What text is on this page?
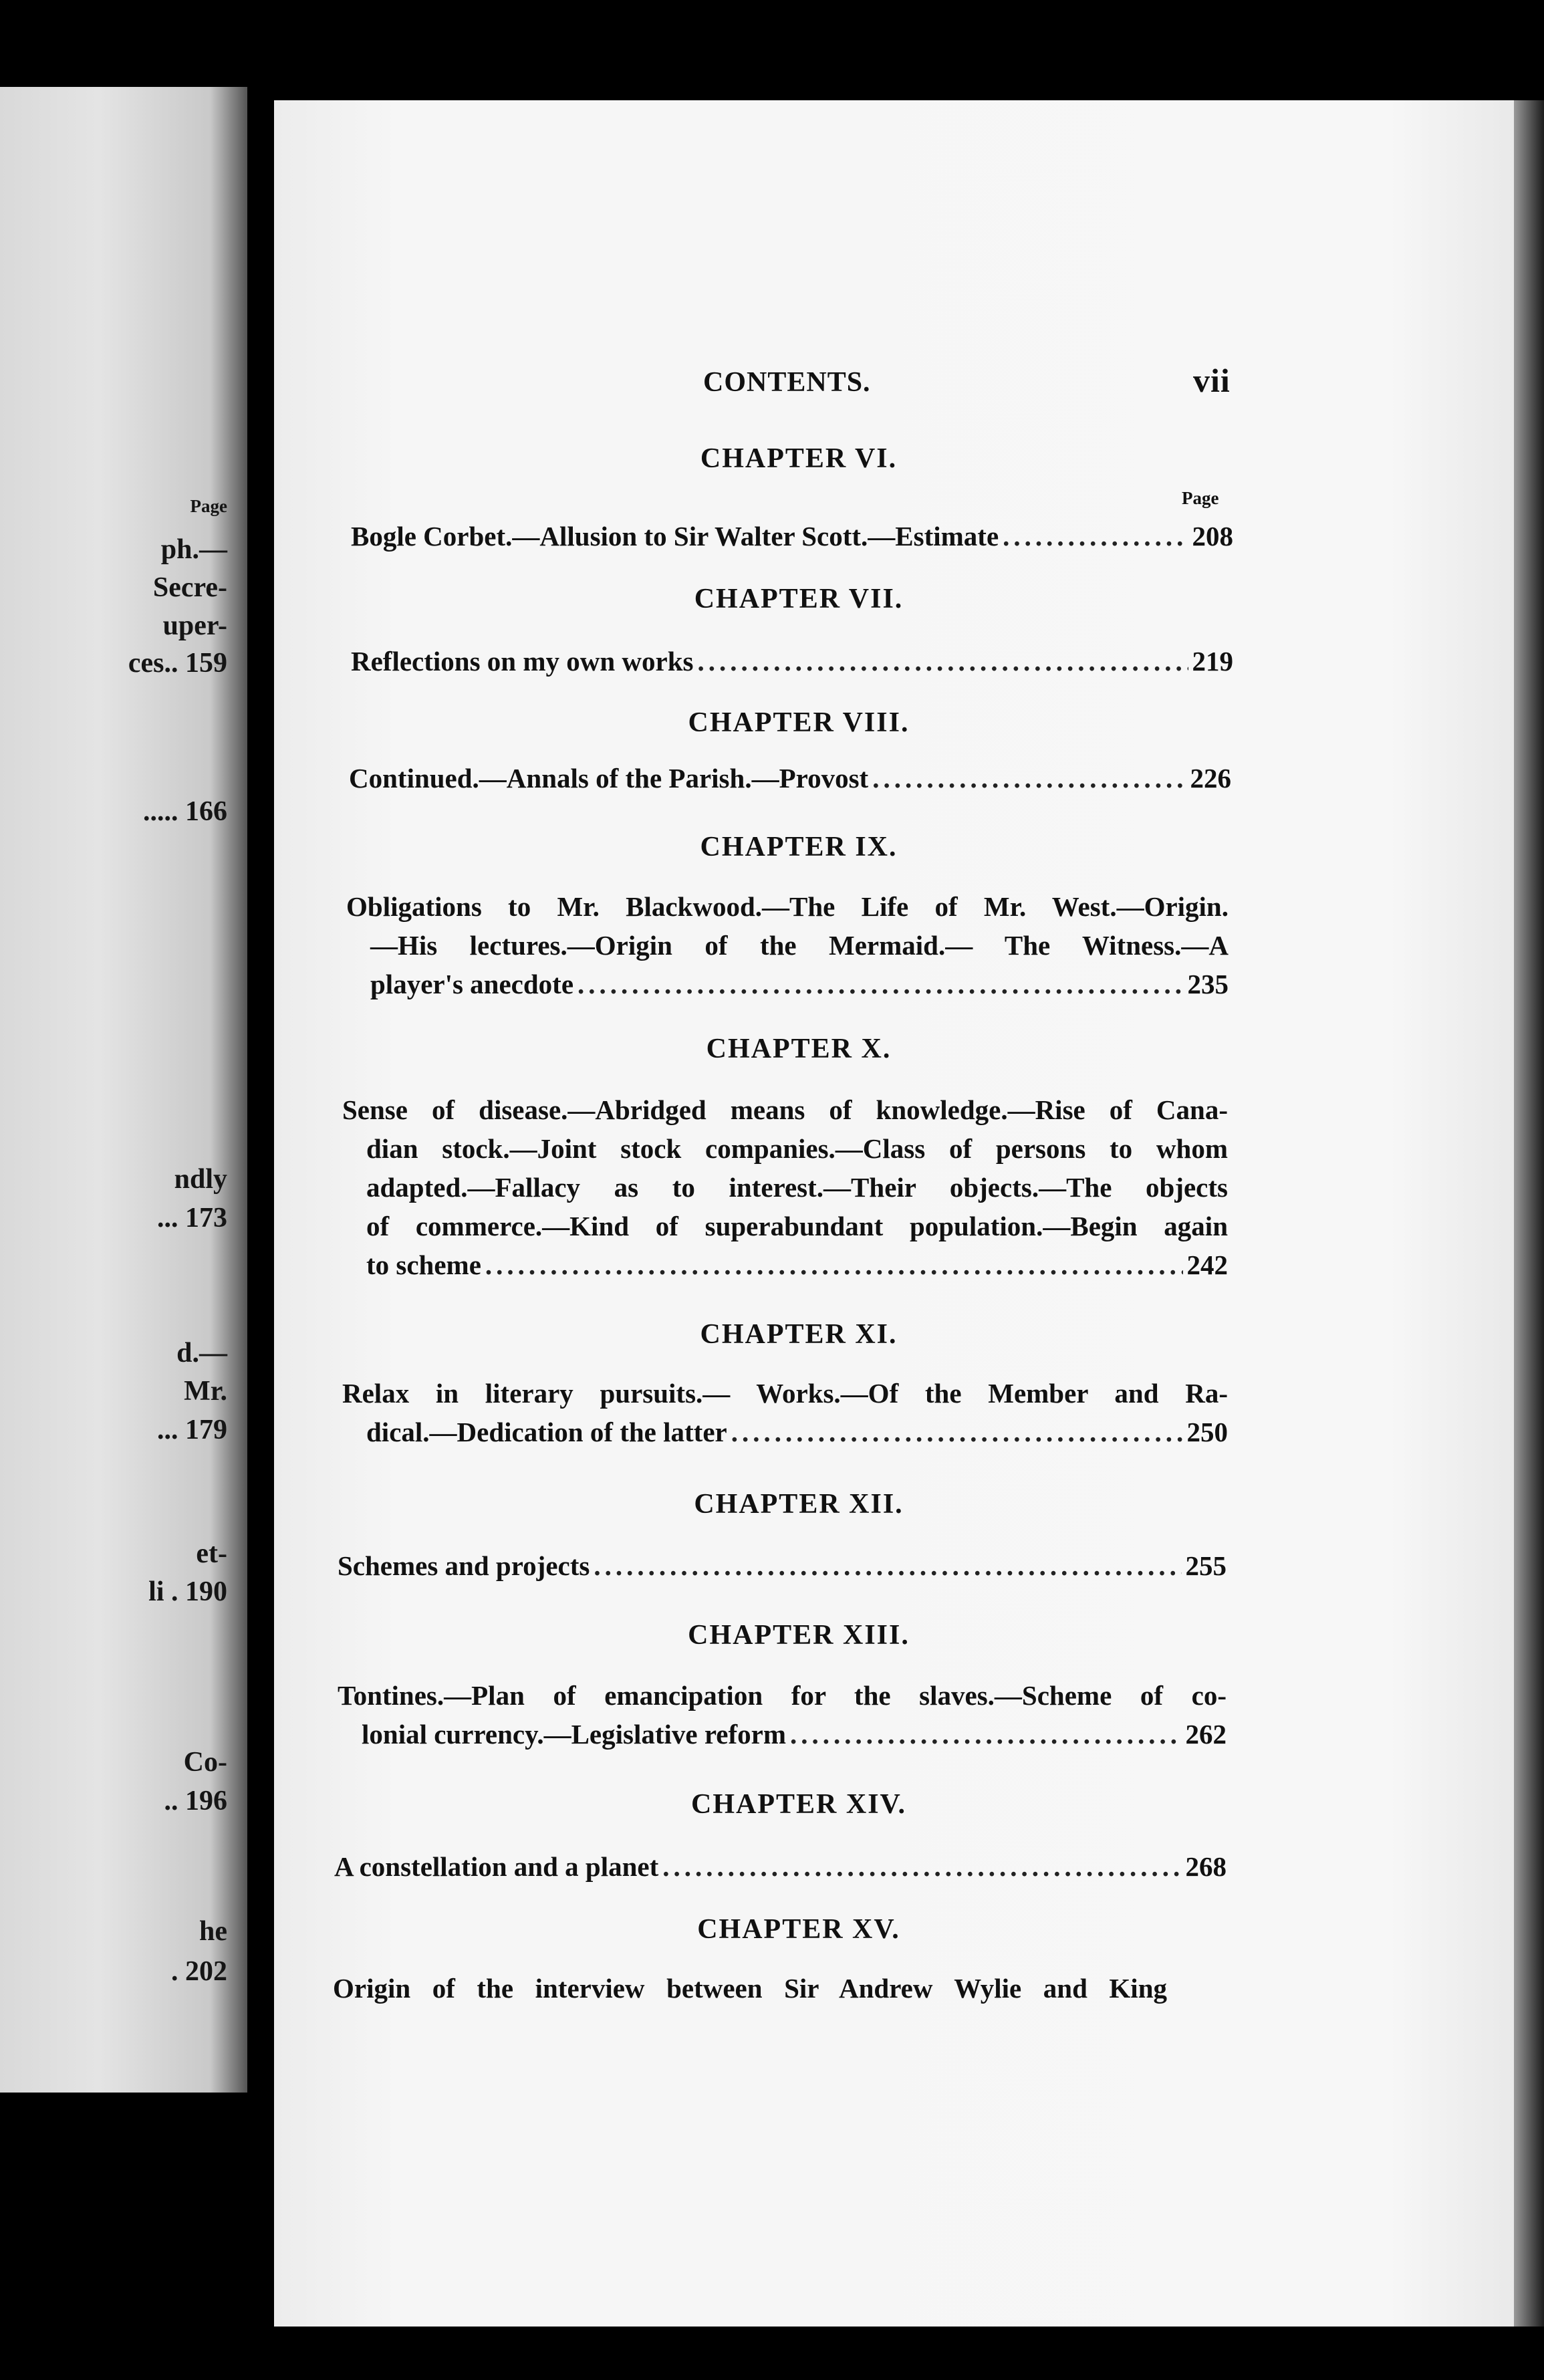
Page
ph.—
Secre-
uper-
ces.. 159
..... 166
ndly
... 173
d.—
Mr.
... 179
et-
li . 190
Co-
.. 196
he
. 202
CONTENTS.	vii
Page
CHAPTER VI.
Bogle Corbet.—Allusion to Sir Walter Scott.—Estimate .....	208
CHAPTER VII.
Reflections on my own works .....	219
CHAPTER VIII.
Continued.—Annals of the Parish.—Provost .....	226
CHAPTER IX.
Obligations to Mr. Blackwood.—The Life of Mr. West.—Origin.
—His lectures.—Origin of the Mermaid.— The Witness.—A
player's anecdote .....	235
CHAPTER X.
Sense of disease.—Abridged means of knowledge.—Rise of Cana-
dian stock.—Joint stock companies.—Class of persons to whom
adapted.—Fallacy as to interest.—Their objects.—The objects
of commerce.—Kind of superabundant population.—Begin again
to scheme .....	242
CHAPTER XI.
Relax in literary pursuits.— Works.—Of the Member and Ra-
dical.—Dedication of the latter .....	250
CHAPTER XII.
Schemes and projects .....	255
CHAPTER XIII.
Tontines.—Plan of emancipation for the slaves.—Scheme of co-
lonial currency.—Legislative reform .....	262
CHAPTER XIV.
A constellation and a planet .....	268
CHAPTER XV.
Origin of the interview between Sir Andrew Wylie and King
